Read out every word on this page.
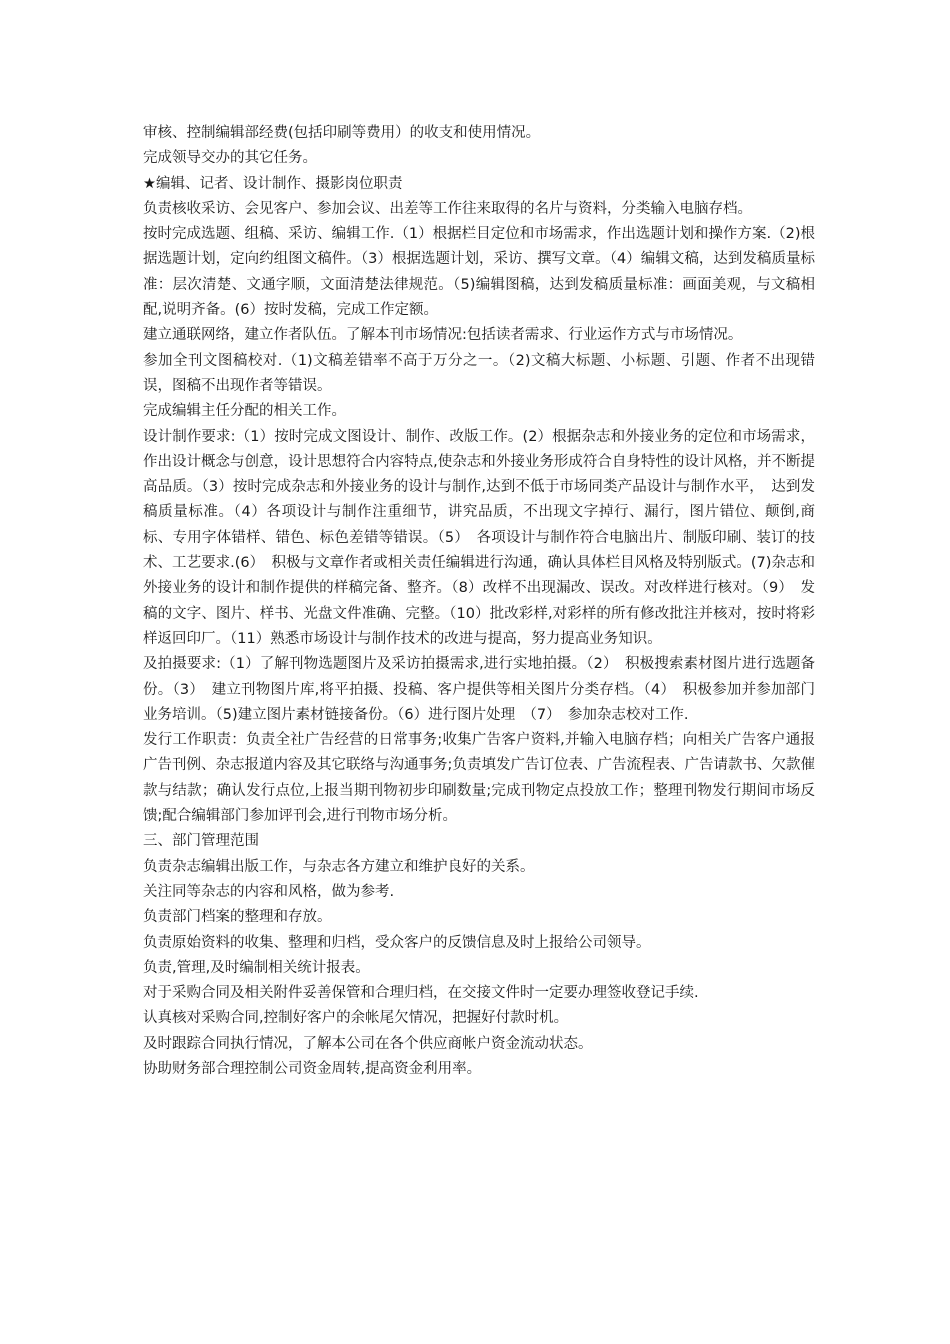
审核、控制编辑部经费(包括印刷等费用）的收支和使用情况。

完成领导交办的其它任务。

★编辑、记者、设计制作、摄影岗位职责

负责核收采访、会见客户、参加会议、出差等工作往来取得的名片与资料，分类输入电脑存档。

按时完成选题、组稿、采访、编辑工作.（1）根据栏目定位和市场需求，作出选题计划和操作方案.（2)根据选题计划，定向约组图文稿件。（3）根据选题计划，采访、撰写文章。（4）编辑文稿，达到发稿质量标准：层次清楚、文通字顺，文面清楚法律规范。（5)编辑图稿，达到发稿质量标准：画面美观，与文稿相配,说明齐备。(6）按时发稿，完成工作定额。

建立通联网络，建立作者队伍。了解本刊市场情况:包括读者需求、行业运作方式与市场情况。

参加全刊文图稿校对.（1)文稿差错率不高于万分之一。（2)文稿大标题、小标题、引题、作者不出现错误，图稿不出现作者等错误。

完成编辑主任分配的相关工作。

设计制作要求:（1）按时完成文图设计、制作、改版工作。(2）根据杂志和外接业务的定位和市场需求，作出设计概念与创意，设计思想符合内容特点,使杂志和外接业务形成符合自身特性的设计风格，并不断提高品质。（3）按时完成杂志和外接业务的设计与制作,达到不低于市场同类产品设计与制作水平，　达到发稿质量标准。（4）各项设计与制作注重细节，讲究品质，不出现文字掉行、漏行，图片错位、颠倒,商标、专用字体错样、错色、标色差错等错误。（5）　各项设计与制作符合电脑出片、制版印刷、装订的技术、工艺要求.(6）　积极与文章作者或相关责任编辑进行沟通，确认具体栏目风格及特别版式。(7)杂志和外接业务的设计和制作提供的样稿完备、整齐。（8）改样不出现漏改、误改。对改样进行核对。（9）　发稿的文字、图片、样书、光盘文件准确、完整。（10）批改彩样,对彩样的所有修改批注并核对，按时将彩样返回印厂。（11）熟悉市场设计与制作技术的改进与提高，努力提高业务知识。

及拍摄要求:（1）了解刊物选题图片及采访拍摄需求,进行实地拍摄。（2）　积极搜索素材图片进行选题备份。（3）　建立刊物图片库,将平拍摄、投稿、客户提供等相关图片分类存档。（4）　积极参加并参加部门业务培训。（5)建立图片素材链接备份。（6）进行图片处理　（7）　参加杂志校对工作.

发行工作职责：负责全社广告经营的日常事务;收集广告客户资料,并输入电脑存档；向相关广告客户通报广告刊例、杂志报道内容及其它联络与沟通事务;负责填发广告订位表、广告流程表、广告请款书、欠款催款与结款；确认发行点位,上报当期刊物初步印刷数量;完成刊物定点投放工作；整理刊物发行期间市场反馈;配合编辑部门参加评刊会,进行刊物市场分析。

三、部门管理范围

负责杂志编辑出版工作，与杂志各方建立和维护良好的关系。

关注同等杂志的内容和风格，做为参考.

负责部门档案的整理和存放。

负责原始资料的收集、整理和归档，受众客户的反馈信息及时上报给公司领导。

负责,管理,及时编制相关统计报表。

对于采购合同及相关附件妥善保管和合理归档，在交接文件时一定要办理签收登记手续.

认真核对采购合同,控制好客户的余帐尾欠情况，把握好付款时机。

及时跟踪合同执行情况，了解本公司在各个供应商帐户资金流动状态。

协助财务部合理控制公司资金周转,提高资金利用率。
